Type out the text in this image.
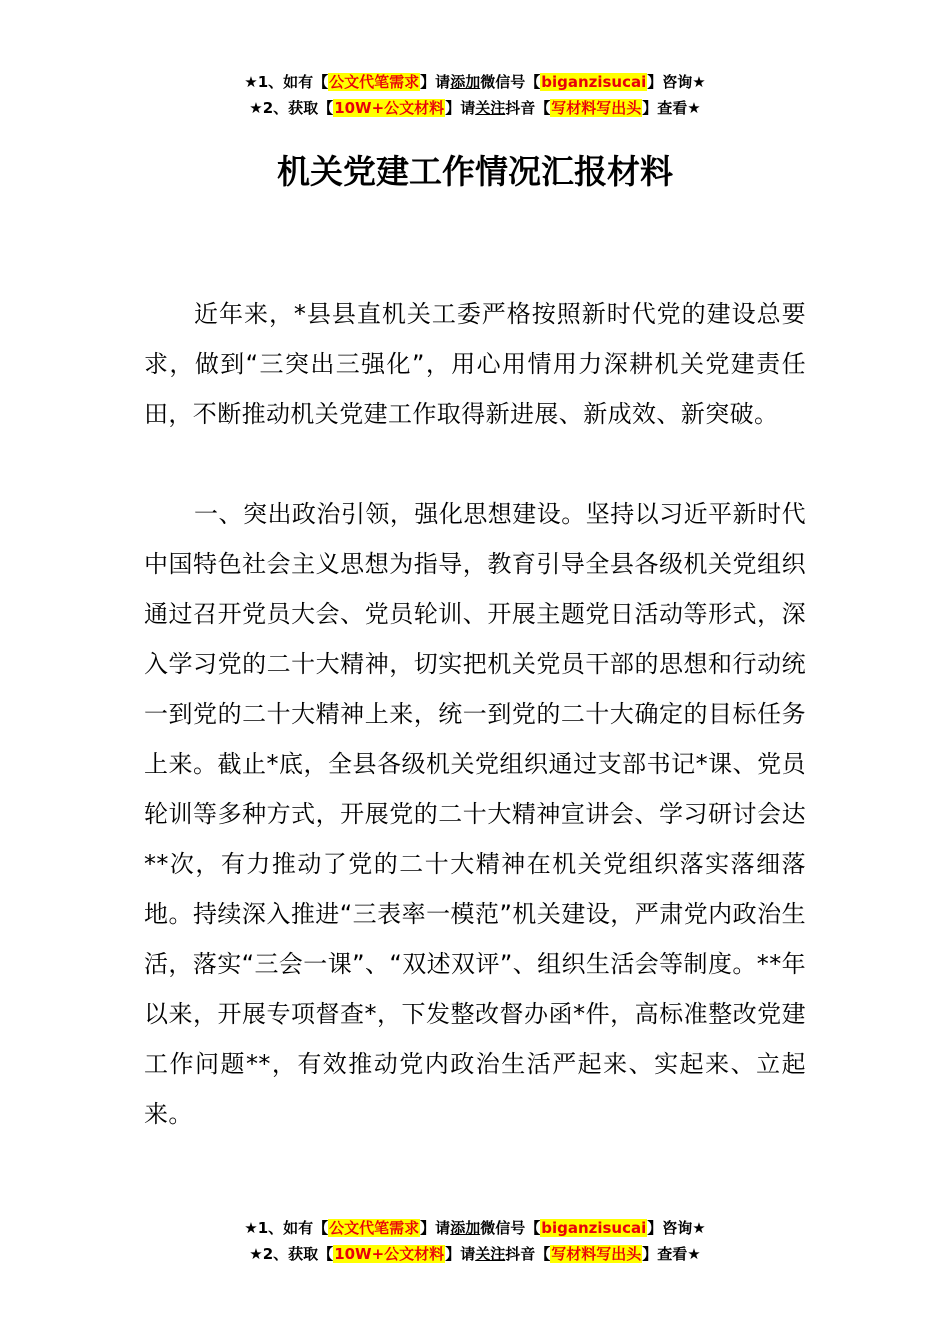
★1、如有【公文代笔需求】请添加微信号【biganzisucai】咨询★
★2、获取【10W+公文材料】请关注抖音【写材料写出头】查看★
机关党建工作情况汇报材料

近年来，*县县直机关工委严格按照新时代党的建设总要求，做到“三突出三强化”，用心用情用力深耕机关党建责任田，不断推动机关党建工作取得新进展、新成效、新突破。

一、突出政治引领，强化思想建设。坚持以习近平新时代中国特色社会主义思想为指导，教育引导全县各级机关党组织通过召开党员大会、党员轮训、开展主题党日活动等形式，深入学习党的二十大精神，切实把机关党员干部的思想和行动统一到党的二十大精神上来，统一到党的二十大确定的目标任务上来。截止*底，全县各级机关党组织通过支部书记*课、党员轮训等多种方式，开展党的二十大精神宣讲会、学习研讨会达**次，有力推动了党的二十大精神在机关党组织落实落细落地。持续深入推进“三表率一模范”机关建设，严肃党内政治生活，落实“三会一课”、“双述双评”、组织生活会等制度。**年以来，开展专项督查*，下发整改督办函*件，高标准整改党建工作问题**，有效推动党内政治生活严起来、实起来、立起来。

★1、如有【公文代笔需求】请添加微信号【biganzisucai】咨询★
★2、获取【10W+公文材料】请关注抖音【写材料写出头】查看★
